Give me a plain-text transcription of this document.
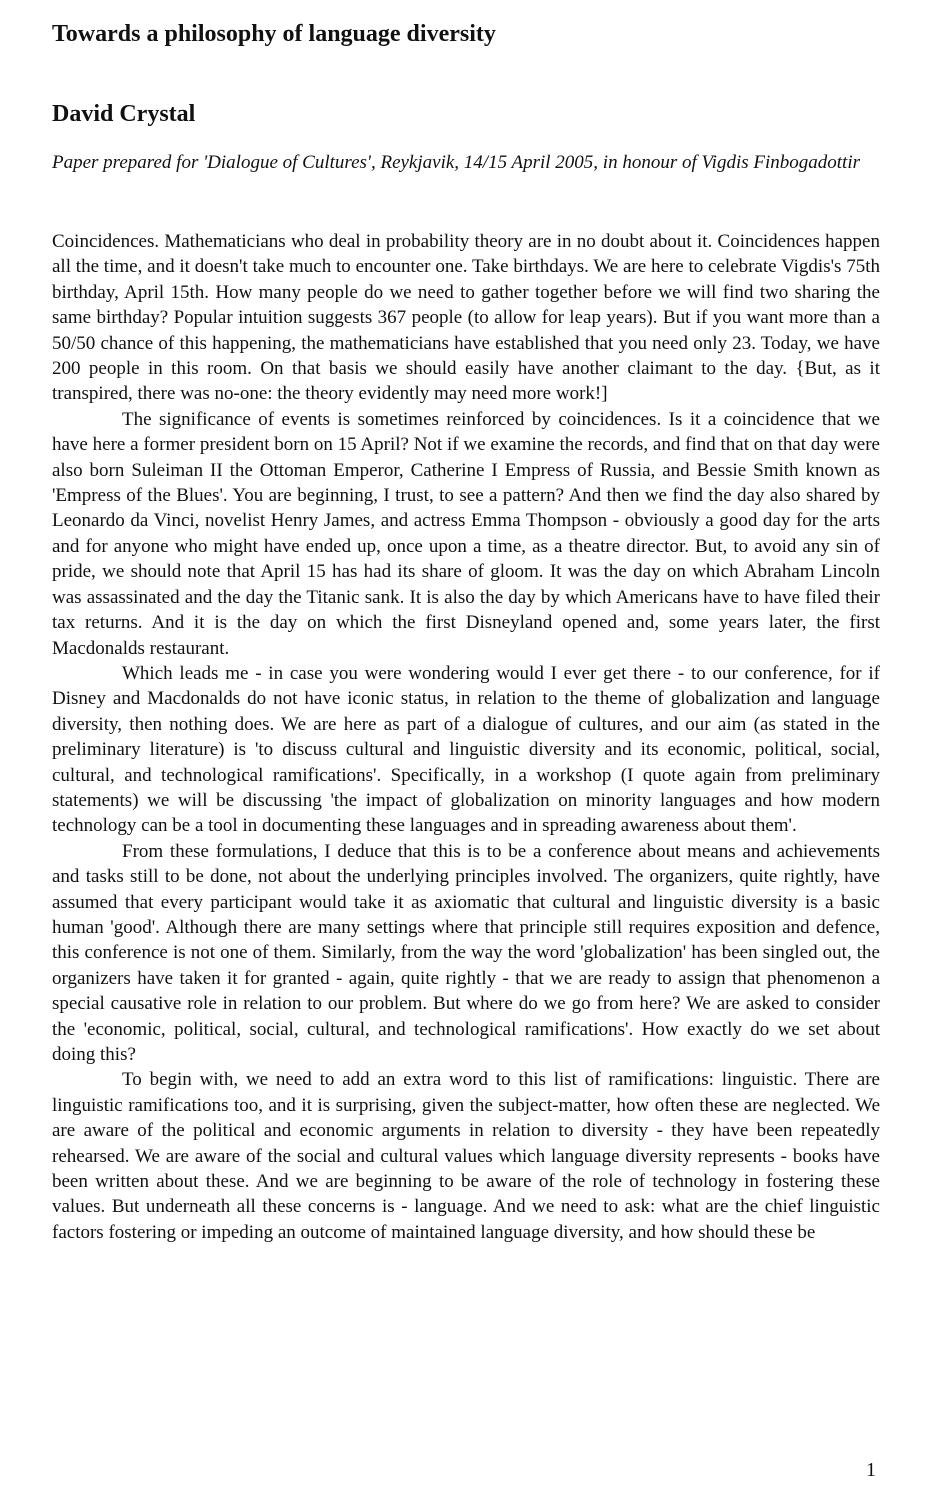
Towards a philosophy of language diversity
David Crystal

Paper prepared for 'Dialogue of Cultures', Reykjavik, 14/15 April 2005, in honour of Vigdis Finbogadottir

Coincidences. Mathematicians who deal in probability theory are in no doubt about it. Coincidences happen all the time, and it doesn't take much to encounter one. Take birthdays. We are here to celebrate Vigdis's 75th birthday, April 15th. How many people do we need to gather together before we will find two sharing the same birthday? Popular intuition suggests 367 people (to allow for leap years). But if you want more than a 50/50 chance of this happening, the mathematicians have established that you need only 23. Today, we have 200 people in this room. On that basis we should easily have another claimant to the day. {But, as it transpired, there was no-one: the theory evidently may need more work!]

The significance of events is sometimes reinforced by coincidences. Is it a coincidence that we have here a former president born on 15 April? Not if we examine the records, and find that on that day were also born Suleiman II the Ottoman Emperor, Catherine I Empress of Russia, and Bessie Smith known as 'Empress of the Blues'. You are beginning, I trust, to see a pattern? And then we find the day also shared by Leonardo da Vinci, novelist Henry James, and actress Emma Thompson - obviously a good day for the arts and for anyone who might have ended up, once upon a time, as a theatre director. But, to avoid any sin of pride, we should note that April 15 has had its share of gloom. It was the day on which Abraham Lincoln was assassinated and the day the Titanic sank. It is also the day by which Americans have to have filed their tax returns. And it is the day on which the first Disneyland opened and, some years later, the first Macdonalds restaurant.

Which leads me - in case you were wondering would I ever get there - to our conference, for if Disney and Macdonalds do not have iconic status, in relation to the theme of globalization and language diversity, then nothing does. We are here as part of a dialogue of cultures, and our aim (as stated in the preliminary literature) is 'to discuss cultural and linguistic diversity and its economic, political, social, cultural, and technological ramifications'. Specifically, in a workshop (I quote again from preliminary statements) we will be discussing 'the impact of globalization on minority languages and how modern technology can be a tool in documenting these languages and in spreading awareness about them'.

From these formulations, I deduce that this is to be a conference about means and achievements and tasks still to be done, not about the underlying principles involved. The organizers, quite rightly, have assumed that every participant would take it as axiomatic that cultural and linguistic diversity is a basic human 'good'. Although there are many settings where that principle still requires exposition and defence, this conference is not one of them. Similarly, from the way the word 'globalization' has been singled out, the organizers have taken it for granted - again, quite rightly - that we are ready to assign that phenomenon a special causative role in relation to our problem. But where do we go from here? We are asked to consider the 'economic, political, social, cultural, and technological ramifications'. How exactly do we set about doing this?

To begin with, we need to add an extra word to this list of ramifications: linguistic. There are linguistic ramifications too, and it is surprising, given the subject-matter, how often these are neglected. We are aware of the political and economic arguments in relation to diversity - they have been repeatedly rehearsed. We are aware of the social and cultural values which language diversity represents - books have been written about these. And we are beginning to be aware of the role of technology in fostering these values. But underneath all these concerns is - language. And we need to ask: what are the chief linguistic factors fostering or impeding an outcome of maintained language diversity, and how should these be

1
